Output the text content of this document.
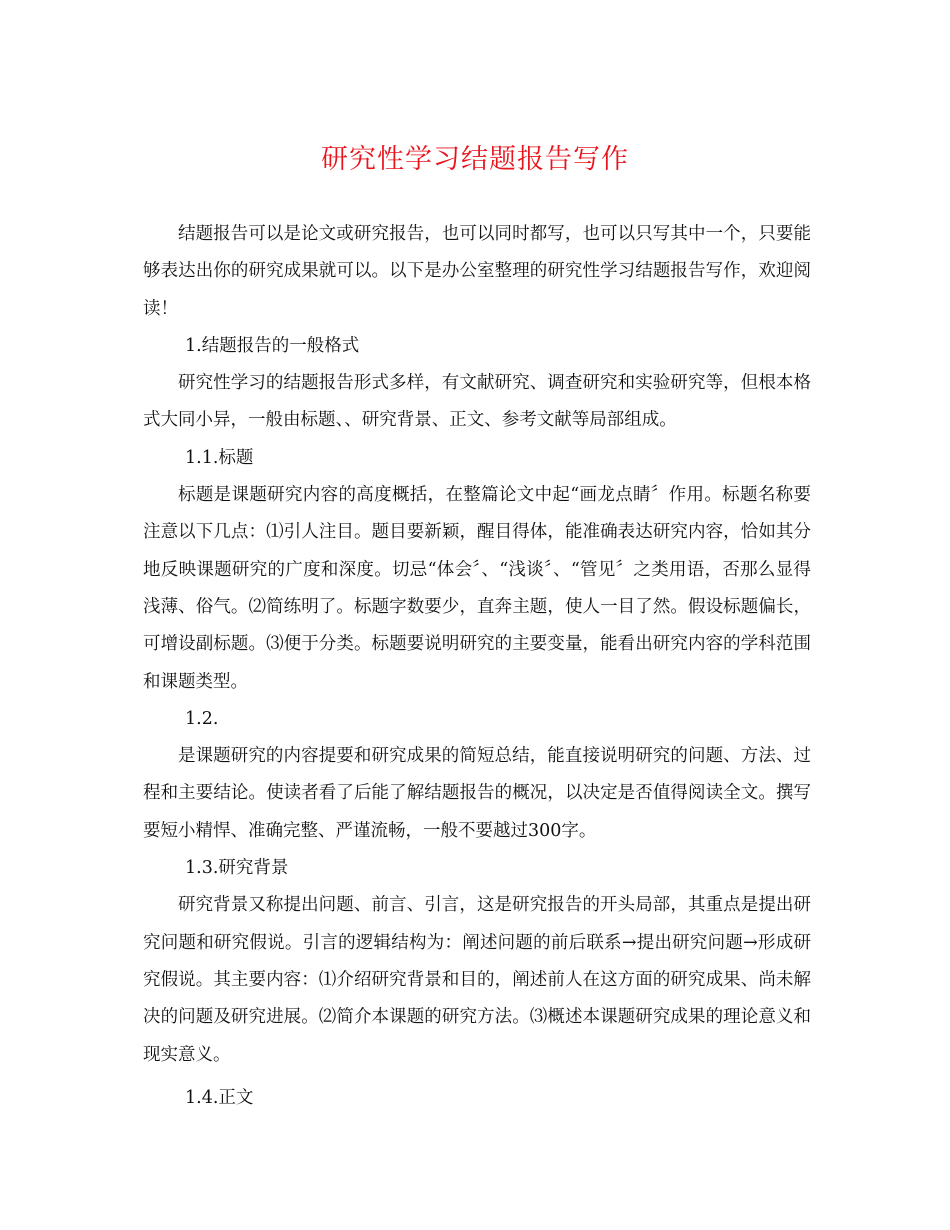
研究性学习结题报告写作

结题报告可以是论文或研究报告，也可以同时都写，也可以只写其中一个，只要能够表达出你的研究成果就可以。以下是办公室整理的研究性学习结题报告写作，欢迎阅读！

1.结题报告的一般格式

研究性学习的结题报告形式多样，有文献研究、调查研究和实验研究等，但根本格式大同小异，一般由标题、、研究背景、正文、参考文献等局部组成。

1.1.标题

标题是课题研究内容的高度概括，在整篇论文中起“画龙点睛〞作用。标题名称要注意以下几点：⑴引人注目。题目要新颖，醒目得体，能准确表达研究内容，恰如其分地反映课题研究的广度和深度。切忌“体会〞、“浅谈〞、“管见〞之类用语，否那么显得浅薄、俗气。⑵简练明了。标题字数要少，直奔主题，使人一目了然。假设标题偏长，可增设副标题。⑶便于分类。标题要说明研究的主要变量，能看出研究内容的学科范围和课题类型。

1.2.

是课题研究的内容提要和研究成果的简短总结，能直接说明研究的问题、方法、过程和主要结论。使读者看了后能了解结题报告的概况，以决定是否值得阅读全文。撰写要短小精悍、准确完整、严谨流畅，一般不要越过300字。

1.3.研究背景

研究背景又称提出问题、前言、引言，这是研究报告的开头局部，其重点是提出研究问题和研究假说。引言的逻辑结构为：阐述问题的前后联系→提出研究问题→形成研究假说。其主要内容：⑴介绍研究背景和目的，阐述前人在这方面的研究成果、尚未解决的问题及研究进展。⑵简介本课题的研究方法。⑶概述本课题研究成果的理论意义和现实意义。

1.4.正文
